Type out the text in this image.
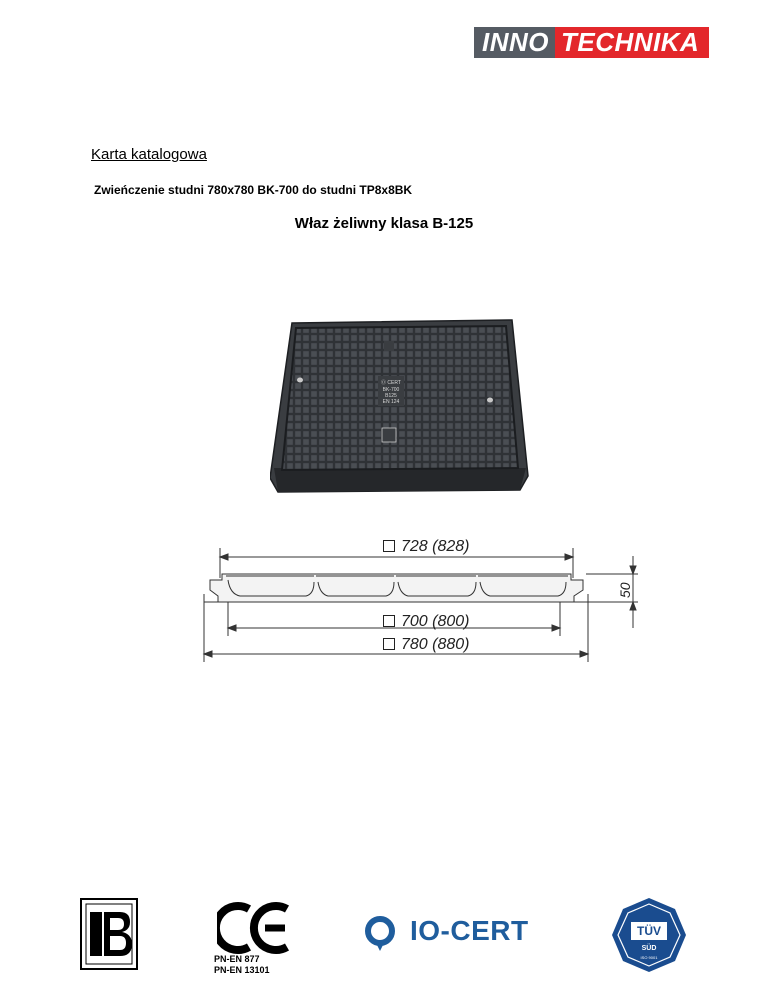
INNO TECHNIKA
Karta katalogowa
Zwieńczenie studni 780x780 BK-700 do studni TP8x8BK
Właz żeliwny klasa B-125
Ⓞ CERT
BK-700
B125
EN 124
728 (828)
50
700 (800)
780 (880)
PN-EN 877
PN-EN 13101
IO-CERT	TÜV
SÜD
ISO 9001
